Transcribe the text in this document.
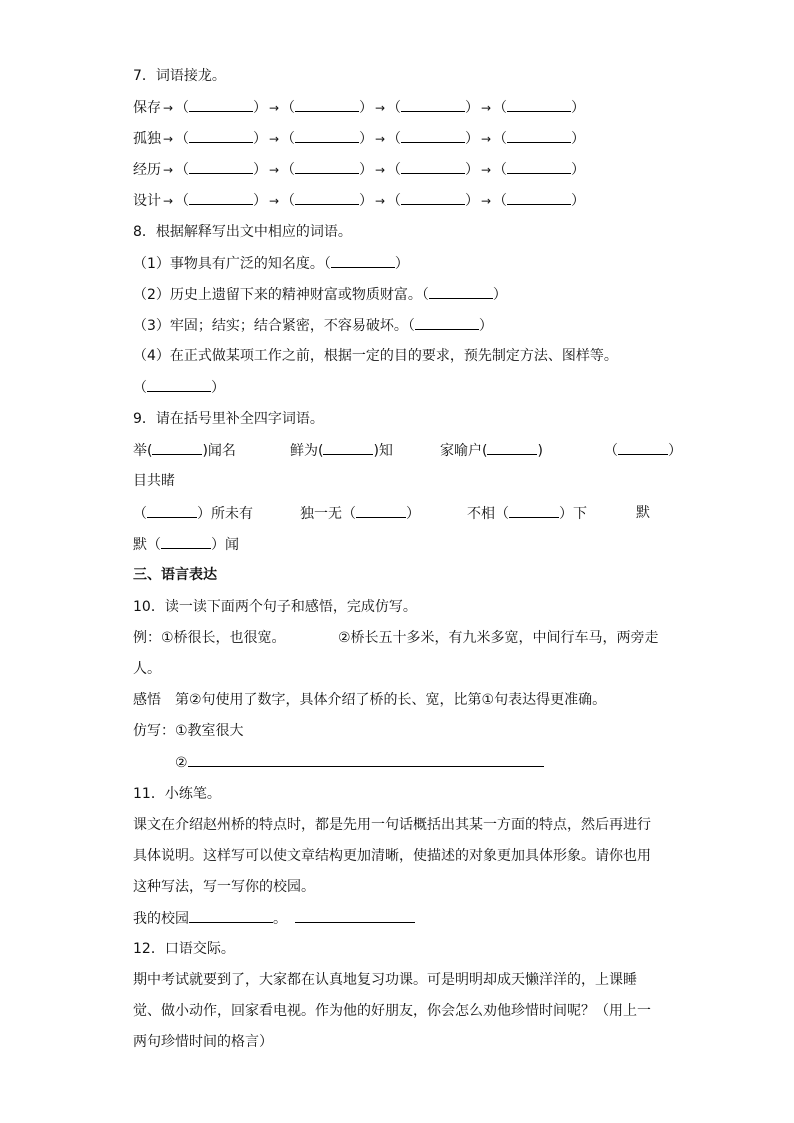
7．词语接龙。
保存 → （	） → （	） → （	） → （	）
孤独 → （	） → （	） → （	） → （	）
经历 → （	） → （	） → （	） → （	）
设计 → （	） → （	） → （	） → （	）
8．根据解释写出文中相应的词语。
（1）事物具有广泛的知名度。（	）
（2）历史上遗留下来的精神财富或物质财富。（	）
（3）牢固；结实；结合紧密，不容易破坏。（	）
（4）在正式做某项工作之前，根据一定的目的要求，预先制定方法、图样等。
（	）
9．请在括号里补全四字词语。
举(	)闻名	鲜为(	)知	家喻户(	)	（	）
目共睹
（	）所未有	独一无（	）	不相（	）下	默
默（	）闻
三、语言表达
10．读一读下面两个句子和感悟，完成仿写。
例：①桥很长，也很宽。	②桥长五十多米，有九米多宽，中间行车马，两旁走
人。
感悟　第②句使用了数字，具体介绍了桥的长、宽，比第①句表达得更准确。
仿写：①教室很大
②
11．小练笔。
课文在介绍赵州桥的特点时，都是先用一句话概括出其某一方面的特点，然后再进行具体说明。这样写可以使文章结构更加清晰，使描述的对象更加具体形象。请你也用这种写法，写一写你的校园。
我的校园	。
12．口语交际。
期中考试就要到了，大家都在认真地复习功课。可是明明却成天懒洋洋的，上课睡觉、做小动作，回家看电视。作为他的好朋友，你会怎么劝他珍惜时间呢？（用上一两句珍惜时间的格言）
